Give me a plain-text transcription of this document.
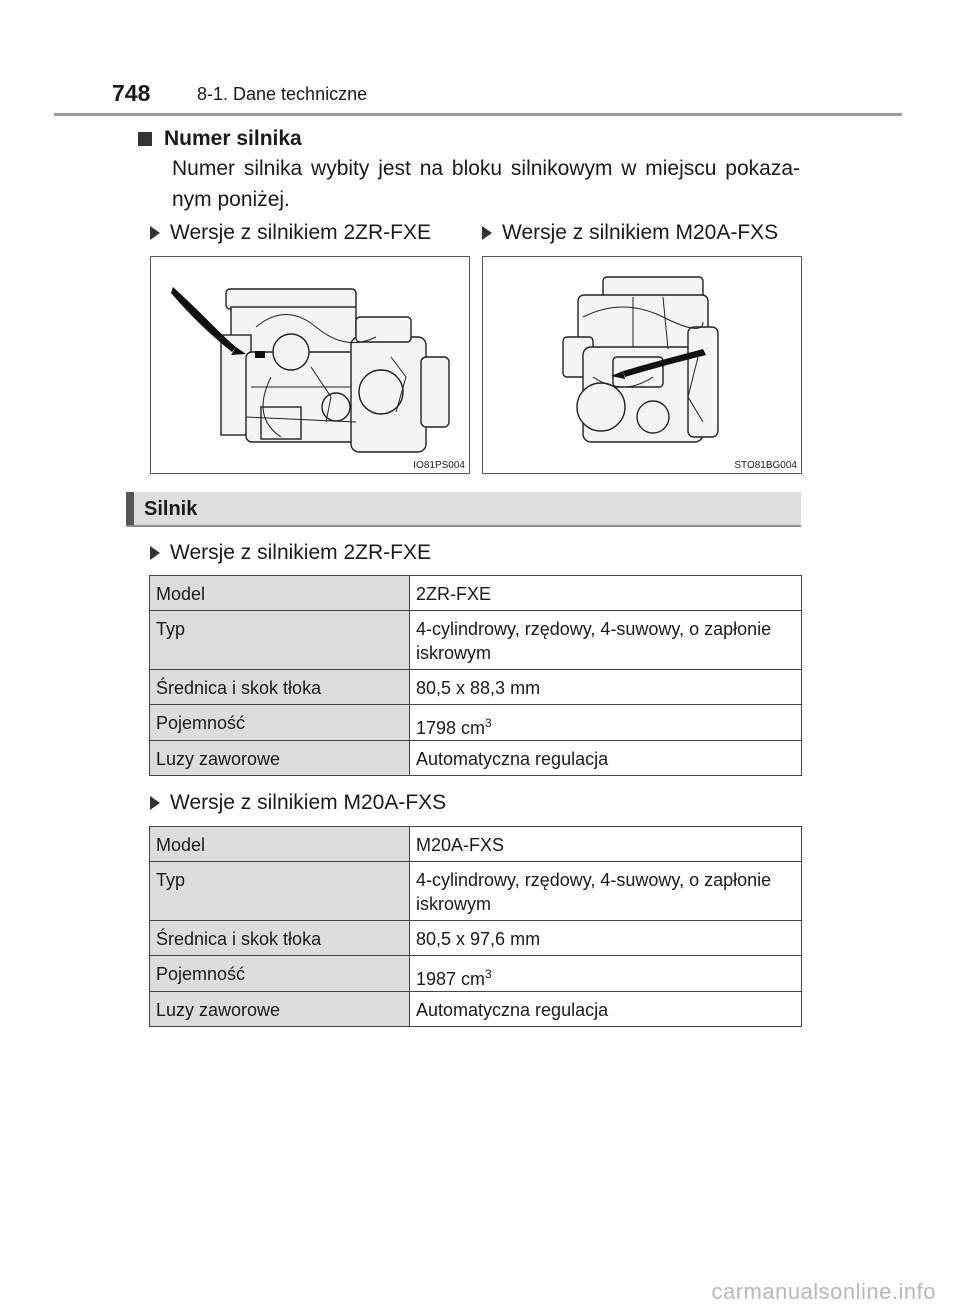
748	8-1. Dane techniczne
Numer silnika
Numer silnika wybity jest na bloku silnikowym w miejscu pokaza-nym poniżej.
Wersje z silnikiem 2ZR-FXE	Wersje z silnikiem M20A-FXS
IO81PS004	STO81BG004
Silnik
Wersje z silnikiem 2ZR-FXE
Model	2ZR-FXE

Typ	4-cylindrowy, rzędowy, 4-suwowy, o zapłonie iskrowym

Średnica i skok tłoka	80,5 x 88,3 mm

Pojemność	1798 $cm^3$

Luzy zaworowe	Automatyczna regulacja
Wersje z silnikiem M20A-FXS
Model	M20A-FXS

Typ	4-cylindrowy, rzędowy, 4-suwowy, o zapłonie iskrowym

Średnica i skok tłoka	80,5 x 97,6 mm

Pojemność	1987 $cm^3$

Luzy zaworowe	Automatyczna regulacja
carmanualsonline.info
